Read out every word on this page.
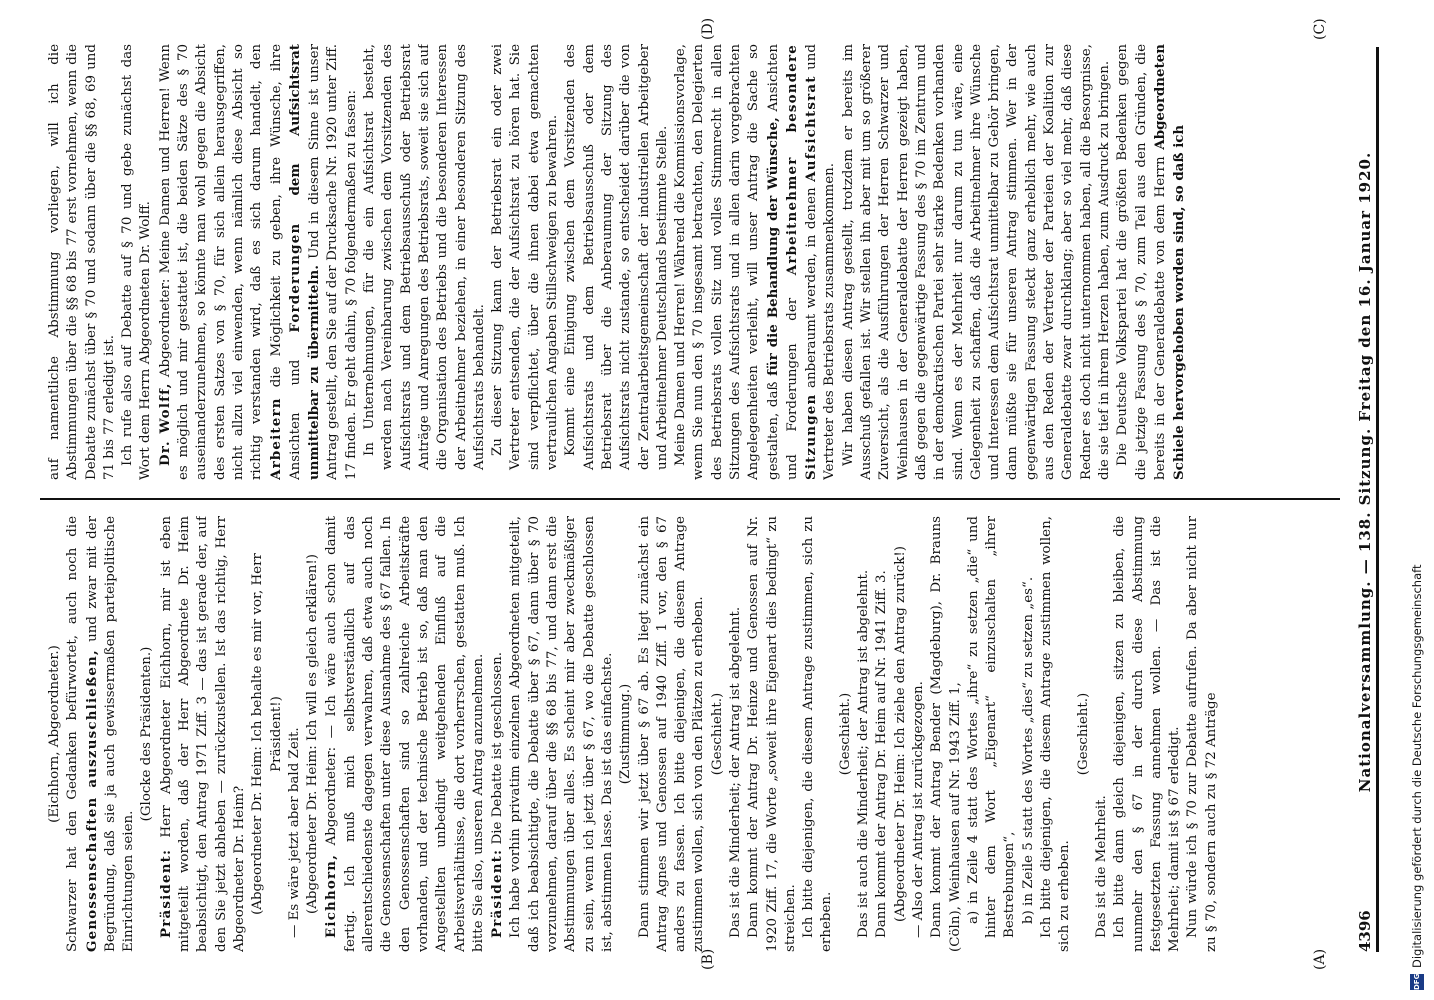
4396
Nationalversammlung. — 138. Sitzung. Freitag den 16. Januar 1920.
(A)
(B)
(C)
(D)

(Eichhorn, Abgeordneter.) Schwarzer hat den Gedanken befürwortet, auch noch die Genossenschaften auszuschließen, und zwar mit der Begründung, daß sie ja auch gewissermaßen parteipolitische Einrichtungen seien.

(Glocke des Präsidenten.)

Präsident: Herr Abgeordneter Eichhorn, mir ist eben mitgeteilt worden, daß der Herr Abgeordnete Dr. Heim beabsichtigt, den Antrag 1971 Ziff. 3 — das ist gerade der, auf den Sie jetzt abheben — zurückzustellen. Ist das richtig, Herr Abgeordneter Dr. Heim? (Abgeordneter Dr. Heim: Ich behalte es mir vor, Herr Präsident!) — Es wäre jetzt aber bald Zeit. (Abgeordneter Dr. Heim: Ich will es gleich erklären!) Eichhorn, Abgeordneter: — Ich wäre auch schon damit fertig. Ich muß mich selbstverständlich auf das allerentschiedenste dagegen verwahren, daß etwa auch noch die Genossenschaften unter diese Ausnahme des § 67 fallen. In den Genossenschaften sind so zahlreiche Arbeitskräfte vorhanden, und der technische Betrieb ist so, daß man den Angestellten unbedingt weitgehenden Einfluß auf die Arbeitsverhältnisse, die dort vorherrschen, gestatten muß. Ich bitte Sie also, unseren Antrag anzunehmen. Präsident: Die Debatte ist geschlossen. Ich habe vorhin privatim einzelnen Abgeordneten mitgeteilt, daß ich beabsichtigte, die Debatte über § 67, dann über § 70 vorzunehmen, darauf über die §§ 68 bis 77, und dann erst die Abstimmungen über alles. Es scheint mir aber zweckmäßiger zu sein, wenn ich jetzt über § 67, wo die Debatte geschlossen ist, abstimmen lasse. Das ist das einfachste. (Zustimmung.) Dann stimmen wir jetzt über § 67 ab. Es liegt zunächst ein Antrag Agnes und Genossen auf 1940 Ziff. 1 vor, den § 67 anders zu fassen. Ich bitte diejenigen, die diesem Antrage zustimmen wollen, sich von den Plätzen zu erheben. (Geschieht.) Das ist die Minderheit; der Antrag ist abgelehnt. Dann kommt der Antrag Dr. Heinze und Genossen auf Nr. 1920 Ziff. 17, die Worte „soweit ihre Eigenart dies bedingt“ zu streichen. Ich bitte diejenigen, die diesem Antrage zustimmen, sich zu erheben.

(Geschieht.) Das ist auch die Minderheit; der Antrag ist abgelehnt. Dann kommt der Antrag Dr. Heim auf Nr. 1941 Ziff. 3. (Abgeordneter Dr. Heim: Ich ziehe den Antrag zurück!) — Also der Antrag ist zurückgezogen. Dann kommt der Antrag Bender (Magdeburg), Dr. Brauns (Cöln), Weinhausen auf Nr. 1943 Ziff. 1, a) in Zeile 4 statt des Wortes „ihre“ zu setzen „die“ und hinter dem Wort „Eigenart“ einzuschalten „ihrer Bestrebungen“, b) in Zeile 5 statt des Wortes „dies“ zu setzen „es“. Ich bitte diejenigen, die diesem Antrage zustimmen wollen, sich zu erheben.

(Geschieht.)

Das ist die Mehrheit. Ich bitte dann gleich diejenigen, sitzen zu bleiben, die nunmehr den § 67 in der durch diese Abstimmung festgesetzten Fassung annehmen wollen. — Das ist die Mehrheit; damit ist § 67 erledigt. Nun würde ich § 70 zur Debatte aufrufen. Da aber nicht nur zu § 70, sondern auch zu § 72 Anträge

auf namentliche Abstimmung vorliegen, will ich die Abstimmungen über die §§ 68 bis 77 erst vornehmen, wenn die Debatte zunächst über § 70 und sodann über die §§ 68, 69 und 71 bis 77 erledigt ist. Ich rufe also auf Debatte auf § 70 und gebe zunächst das Wort dem Herrn Abgeordneten Dr. Wolff. Dr. Wolff, Abgeordneter: Meine Damen und Herren! Wenn es möglich und mir gestattet ist, die beiden Sätze des § 70 auseinanderzunehmen, so könnte man wohl gegen die Absicht des ersten Satzes von § 70, für sich allein herausgegriffen, nicht allzu viel einwenden, wenn nämlich diese Absicht so richtig verstanden wird, daß es sich darum handelt, den Arbeitern die Möglichkeit zu geben, ihre Wünsche, ihre Ansichten und Forderungen dem Aufsichtsrat unmittelbar zu übermitteln. Und in diesem Sinne ist unser Antrag gestellt, den Sie auf der Drucksache Nr. 1920 unter Ziff. 17 finden. Er geht dahin, § 70 folgendermaßen zu fassen: In Unternehmungen, für die ein Aufsichtsrat besteht, werden nach Vereinbarung zwischen dem Vorsitzenden des Aufsichtsrats und dem Betriebsausschuß oder Betriebsrat Anträge und Anregungen des Betriebsrats, soweit sie sich auf die Organisation des Betriebs und die besonderen Interessen der Arbeitnehmer beziehen, in einer besonderen Sitzung des Aufsichtsrats behandelt. Zu dieser Sitzung kann der Betriebsrat ein oder zwei Vertreter entsenden, die der Aufsichtsrat zu hören hat. Sie sind verpflichtet, über die ihnen dabei etwa gemachten vertraulichen Angaben Stillschweigen zu bewahren. Kommt eine Einigung zwischen dem Vorsitzenden des Aufsichtsrats und dem Betriebsausschuß oder dem Betriebsrat über die Anberaumung der Sitzung des Aufsichtsrats nicht zustande, so entscheidet darüber die von der Zentralarbeitsgemeinschaft der industriellen Arbeitgeber und Arbeitnehmer Deutschlands bestimmte Stelle. Meine Damen und Herren! Während die Kommissionsvorlage, wenn Sie nun den § 70 insgesamt betrachten, den Delegierten des Betriebsrats vollen Sitz und volles Stimmrecht in allen Sitzungen des Aufsichtsrats und in allen darin vorgebrachten Angelegenheiten verleiht, will unser Antrag die Sache so gestalten, daß für die Behandlung der Wünsche, Ansichten und Forderungen der Arbeitnehmer besondere Sitzungen anberaumt werden, in denen Aufsichtsrat und Vertreter des Betriebsrats zusammenkommen. Wir haben diesen Antrag gestellt, trotzdem er bereits im Ausschuß gefallen ist. Wir stellen ihn aber mit um so größerer Zuversicht, als die Ausführungen der Herren Schwarzer und Weinhausen in der Generaldebatte der Herren gezeigt haben, daß gegen die gegenwärtige Fassung des § 70 im Zentrum und in der demokratischen Partei sehr starke Bedenken vorhanden sind. Wenn es der Mehrheit nur darum zu tun wäre, eine Gelegenheit zu schaffen, daß die Arbeitnehmer ihre Wünsche und Interessen dem Aufsichtsrat unmittelbar zu Gehör bringen, dann müßte sie für unseren Antrag stimmen. Wer in der gegenwärtigen Fassung steckt ganz erheblich mehr, wie auch aus den Reden der Vertreter der Parteien der Koalition zur Generaldebatte zwar durchklang; aber so viel mehr, daß diese Redner es doch nicht unternommen haben, all die Besorgnisse, die sie tief in ihrem Herzen haben, zum Ausdruck zu bringen. Die Deutsche Volkspartei hat die größten Bedenken gegen die jetzige Fassung des § 70, zum Teil aus den Gründen, die bereits in der Generaldebatte von dem Herrn Abgeordneten Schiele hervorgehoben worden sind, so daß ich

DFG
Digitalisierung gefördert durch die Deutsche Forschungsgemeinschaft
